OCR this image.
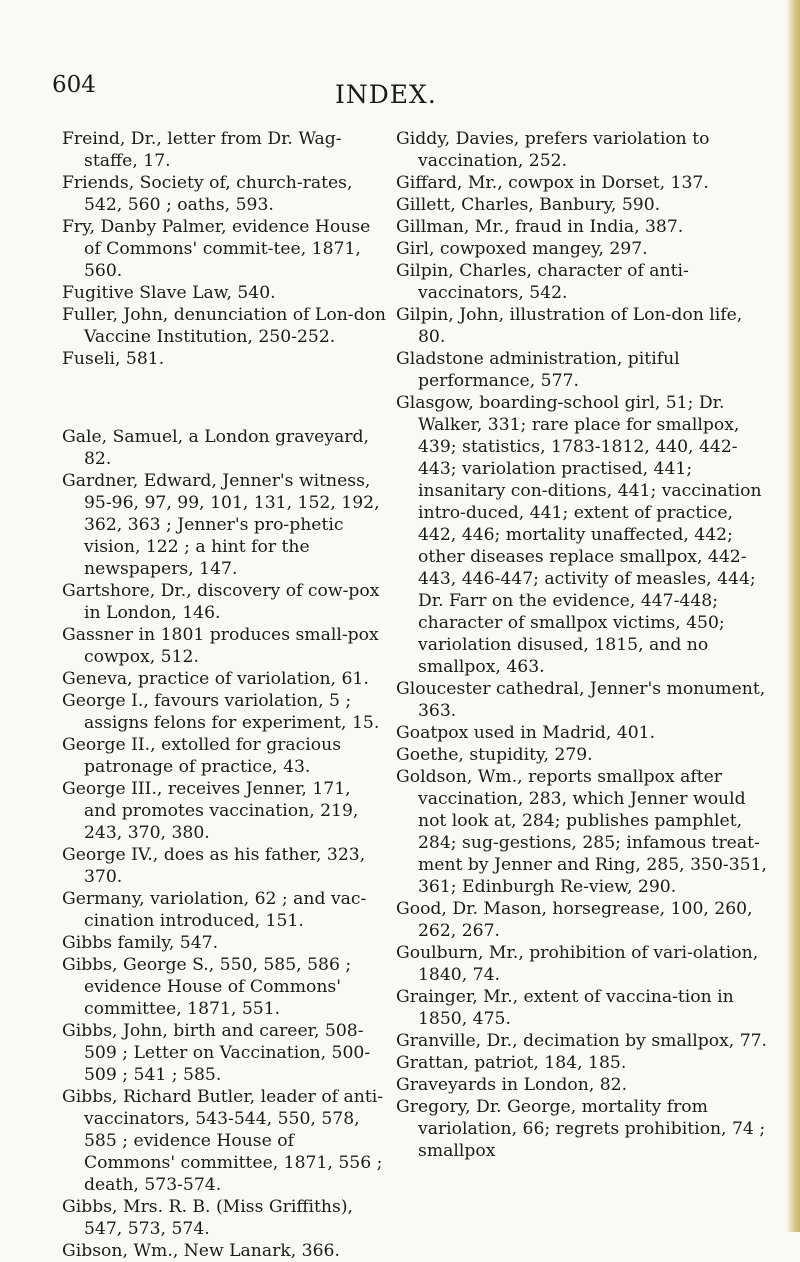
604	INDEX.

Freind, Dr., letter from Dr. Wag-staffe, 17.

Friends, Society of, church-rates, 542, 560 ; oaths, 593.

Fry, Danby Palmer, evidence House of Commons' commit-tee, 1871, 560.

Fugitive Slave Law, 540.

Fuller, John, denunciation of Lon-don Vaccine Institution, 250-252.

Fuseli, 581.

Gale, Samuel, a London graveyard, 82.

Gardner, Edward, Jenner's witness, 95-96, 97, 99, 101, 131, 152, 192, 362, 363 ; Jenner's pro-phetic vision, 122 ; a hint for the newspapers, 147.

Gartshore, Dr., discovery of cow-pox in London, 146.

Gassner in 1801 produces small-pox cowpox, 512.

Geneva, practice of variolation, 61.

George I., favours variolation, 5 ; assigns felons for experiment, 15.

George II., extolled for gracious patronage of practice, 43.

George III., receives Jenner, 171, and promotes vaccination, 219, 243, 370, 380.

George IV., does as his father, 323, 370.

Germany, variolation, 62 ; and vac-cination introduced, 151.

Gibbs family, 547.

Gibbs, George S., 550, 585, 586 ; evidence House of Commons' committee, 1871, 551.

Gibbs, John, birth and career, 508-509 ; Letter on Vaccination, 500-509 ; 541 ; 585.

Gibbs, Richard Butler, leader of anti-vaccinators, 543-544, 550, 578, 585 ; evidence House of Commons' committee, 1871, 556 ; death, 573-574.

Gibbs, Mrs. R. B. (Miss Griffiths), 547, 573, 574.

Gibson, Wm., New Lanark, 366.

Giddy, Davies, prefers variolation to vaccination, 252.

Giffard, Mr., cowpox in Dorset, 137.

Gillett, Charles, Banbury, 590.

Gillman, Mr., fraud in India, 387.

Girl, cowpoxed mangey, 297.

Gilpin, Charles, character of anti-vaccinators, 542.

Gilpin, John, illustration of Lon-don life, 80.

Gladstone administration, pitiful performance, 577.

Glasgow, boarding-school girl, 51; Dr. Walker, 331; rare place for smallpox, 439; statistics, 1783-1812, 440, 442-443; variolation practised, 441; insanitary con-ditions, 441; vaccination intro-duced, 441; extent of practice, 442, 446; mortality unaffected, 442; other diseases replace smallpox, 442-443, 446-447; activity of measles, 444; Dr. Farr on the evidence, 447-448; character of smallpox victims, 450; variolation disused, 1815, and no smallpox, 463.

Gloucester cathedral, Jenner's monument, 363.

Goatpox used in Madrid, 401.

Goethe, stupidity, 279.

Goldson, Wm., reports smallpox after vaccination, 283, which Jenner would not look at, 284; publishes pamphlet, 284; sug-gestions, 285; infamous treat-ment by Jenner and Ring, 285, 350-351, 361; Edinburgh Re-view, 290.

Good, Dr. Mason, horsegrease, 100, 260, 262, 267.

Goulburn, Mr., prohibition of vari-olation, 1840, 74.

Grainger, Mr., extent of vaccina-tion in 1850, 475.

Granville, Dr., decimation by smallpox, 77.

Grattan, patriot, 184, 185.

Graveyards in London, 82.

Gregory, Dr. George, mortality from variolation, 66; regrets prohibition, 74 ; smallpox
